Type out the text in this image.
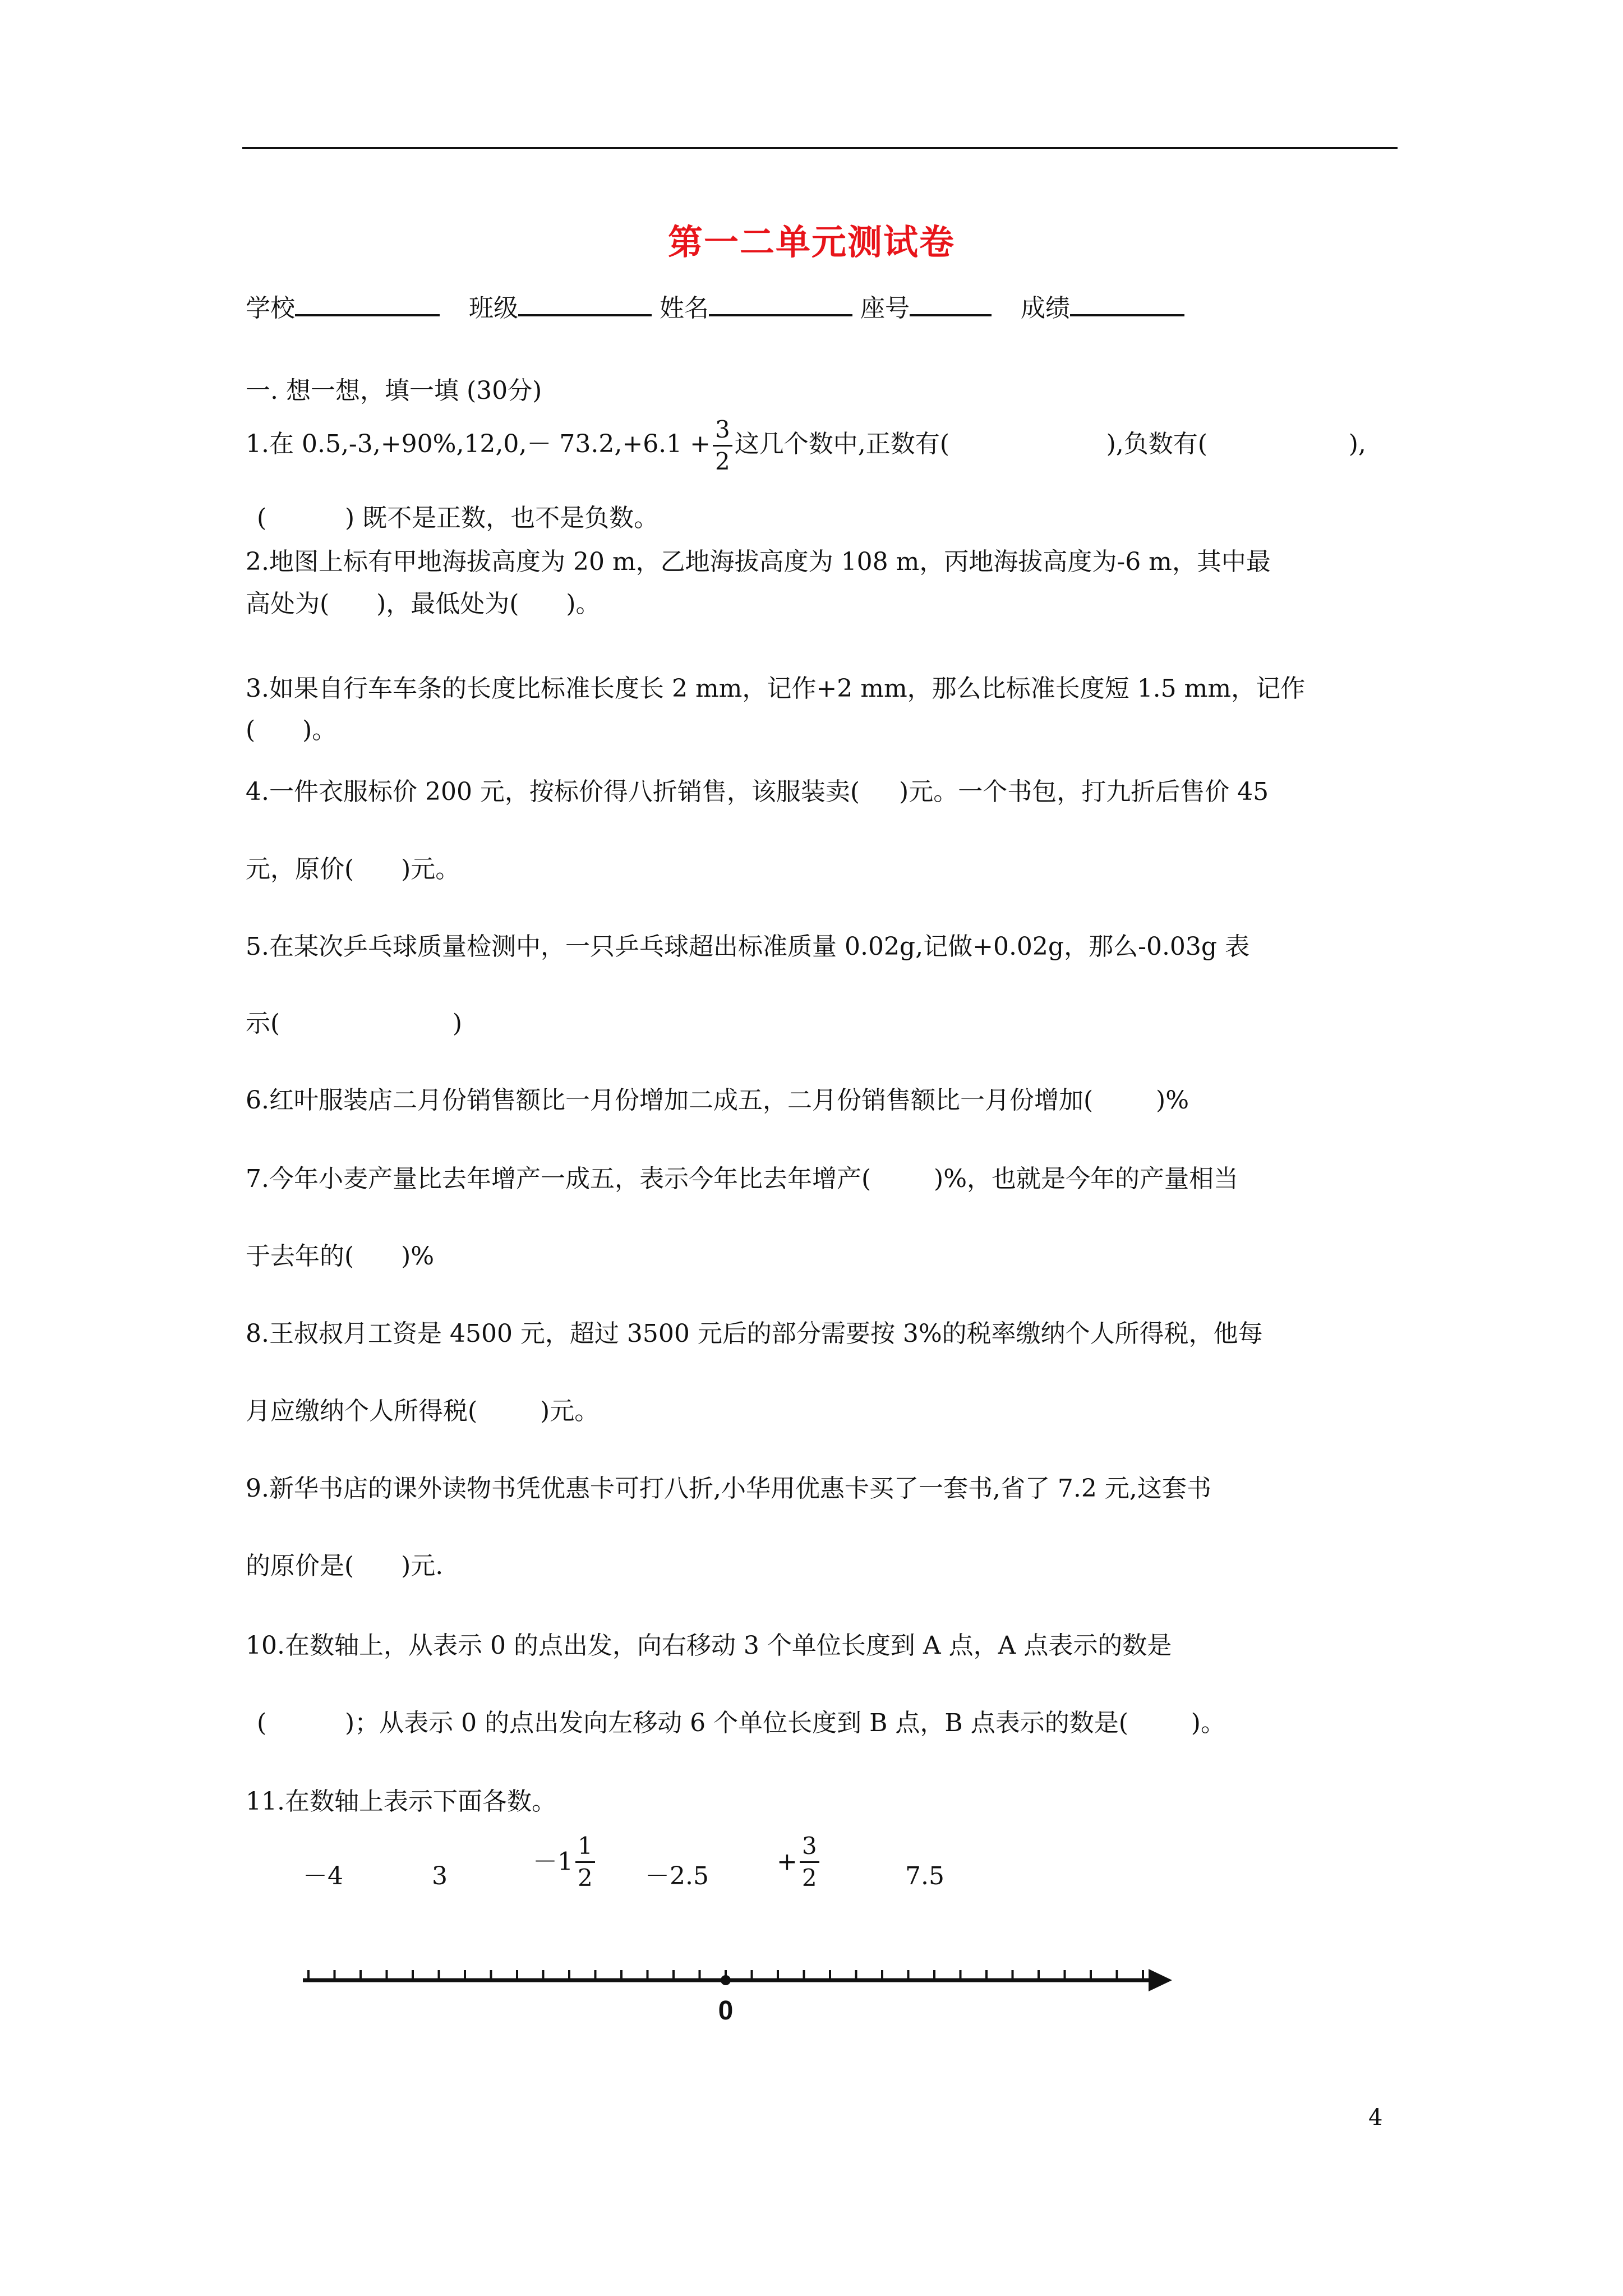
第一二单元测试卷
学校	班级	姓名	座号	成绩
一. 想一想，填一填 (30分)
1.在 $0.5,-3,+90\%,12,0,- 73.2,+6.1 + \frac{3}{2}$ 这几个数中,正数有(                    ),负数有(                  ),
(          ) 既不是正数，也不是负数。
2.地图上标有甲地海拔高度为 20 m，乙地海拔高度为 108 m，丙地海拔高度为-6 m，其中最
高处为(      )，最低处为(      )。
3.如果自行车车条的长度比标准长度长 2 mm，记作+2 mm，那么比标准长度短 1.5 mm，记作
(      )。
4.一件衣服标价 200 元，按标价得八折销售，该服装卖(     )元。一个书包，打九折后售价 45
元，原价(      )元。
5.在某次乒乓球质量检测中，一只乒乓球超出标准质量 0.02g,记做+0.02g，那么-0.03g 表
示(                      )
6.红叶服装店二月份销售额比一月份增加二成五，二月份销售额比一月份增加(        )%
7.今年小麦产量比去年增产一成五，表示今年比去年增产(        )%，也就是今年的产量相当
于去年的(      )%
8.王叔叔月工资是 4500 元，超过 3500 元后的部分需要按 3%的税率缴纳个人所得税，他每
月应缴纳个人所得税(        )元。
9.新华书店的课外读物书凭优惠卡可打八折,小华用优惠卡买了一套书,省了 7.2 元,这套书
的原价是(      )元.
10.在数轴上，从表示 0 的点出发，向右移动 3 个单位长度到 A 点，A 点表示的数是
(          )；从表示 0 的点出发向左移动 6 个单位长度到 B 点，B 点表示的数是(        )。
11.在数轴上表示下面各数。
－4	3	$-1 \frac{1}{2} -2.5$	+ $\frac{3}{2}$	7.5
0
4
